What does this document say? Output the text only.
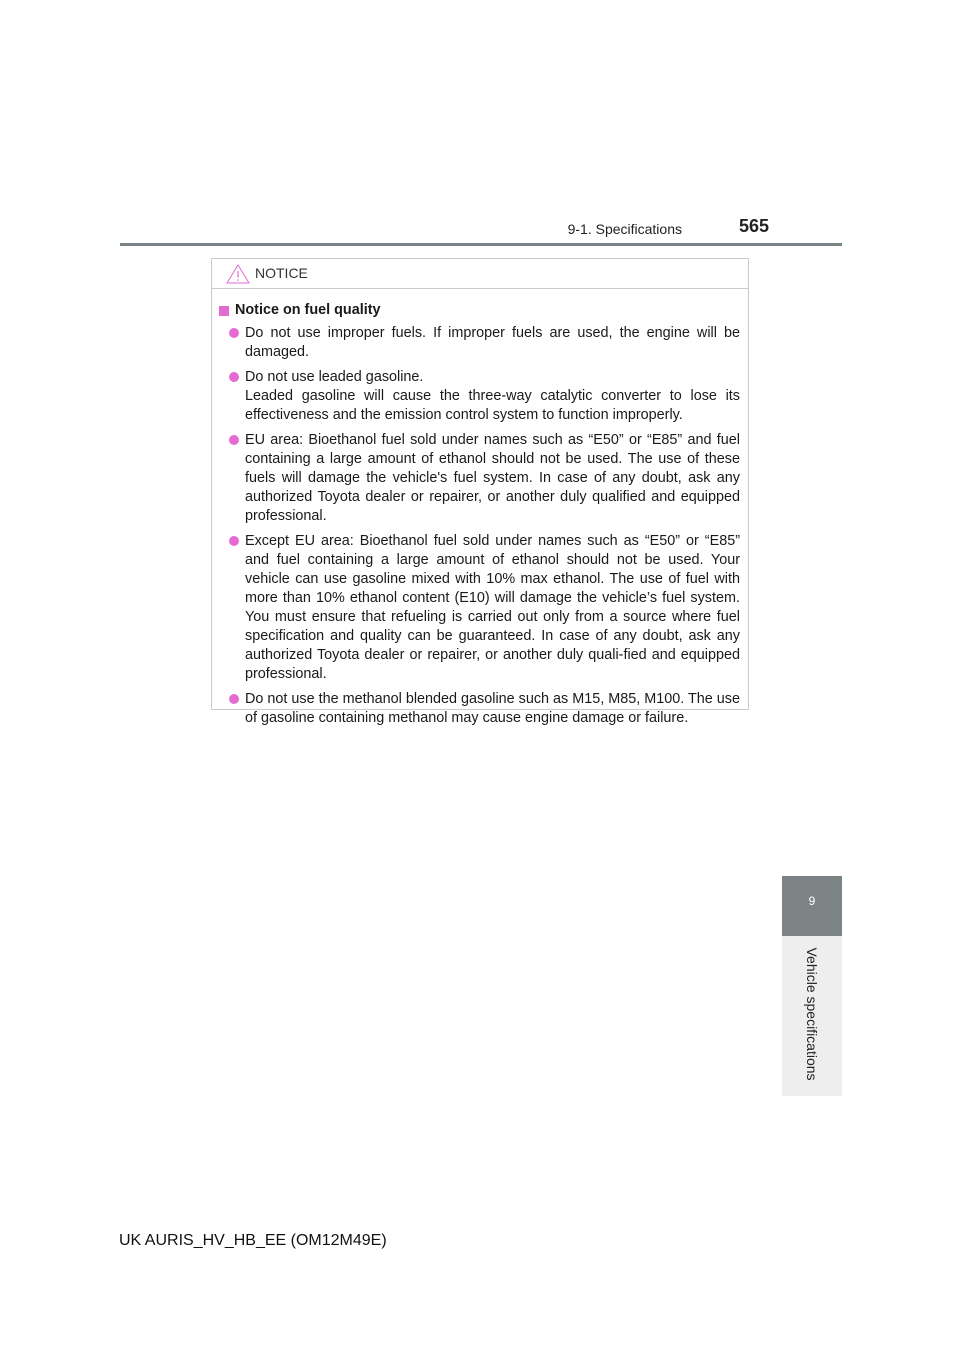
9-1. Specifications	565
NOTICE
Notice on fuel quality
Do not use improper fuels. If improper fuels are used, the engine will be damaged.
Do not use leaded gasoline.
Leaded gasoline will cause the three-way catalytic converter to lose its effectiveness and the emission control system to function improperly.
EU area: Bioethanol fuel sold under names such as “E50” or “E85” and fuel containing a large amount of ethanol should not be used. The use of these fuels will damage the vehicle's fuel system. In case of any doubt, ask any authorized Toyota dealer or repairer, or another duly qualified and equipped professional.
Except EU area: Bioethanol fuel sold under names such as “E50” or “E85” and fuel containing a large amount of ethanol should not be used. Your vehicle can use gasoline mixed with 10% max ethanol. The use of fuel with more than 10% ethanol content (E10) will damage the vehicle’s fuel system. You must ensure that refueling is carried out only from a source where fuel specification and quality can be guaranteed. In case of any doubt, ask any authorized Toyota dealer or repairer, or another duly quali-fied and equipped professional.
Do not use the methanol blended gasoline such as M15, M85, M100. The use of gasoline containing methanol may cause engine damage or failure.
9
Vehicle specifications
UK AURIS_HV_HB_EE (OM12M49E)
